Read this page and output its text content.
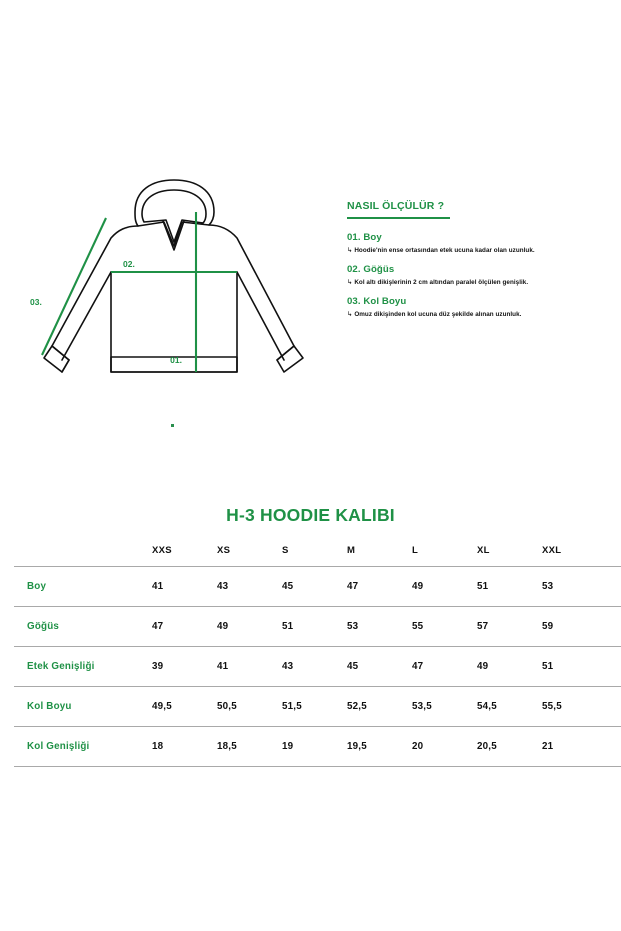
01.
02.
03.
NASIL ÖLÇÜLÜR ?

01. Boy

↳ Hoodie'nin ense ortasından etek ucuna kadar olan uzunluk.

02. Göğüs

↳ Kol altı dikişlerinin 2 cm altından paralel ölçülen genişlik.

03. Kol Boyu

↳ Omuz dikişinden kol ucuna düz şekilde alınan uzunluk.

H-3 HOODIE KALIBI
	XXS	XS	S	M	L	XL	XXL	
Boy	41	43	45	47	49	51	53	
Göğüs	47	49	51	53	55	57	59	
Etek Genişliği	39	41	43	45	47	49	51	
Kol Boyu	49,5	50,5	51,5	52,5	53,5	54,5	55,5	
Kol Genişliği	18	18,5	19	19,5	20	20,5	21	
